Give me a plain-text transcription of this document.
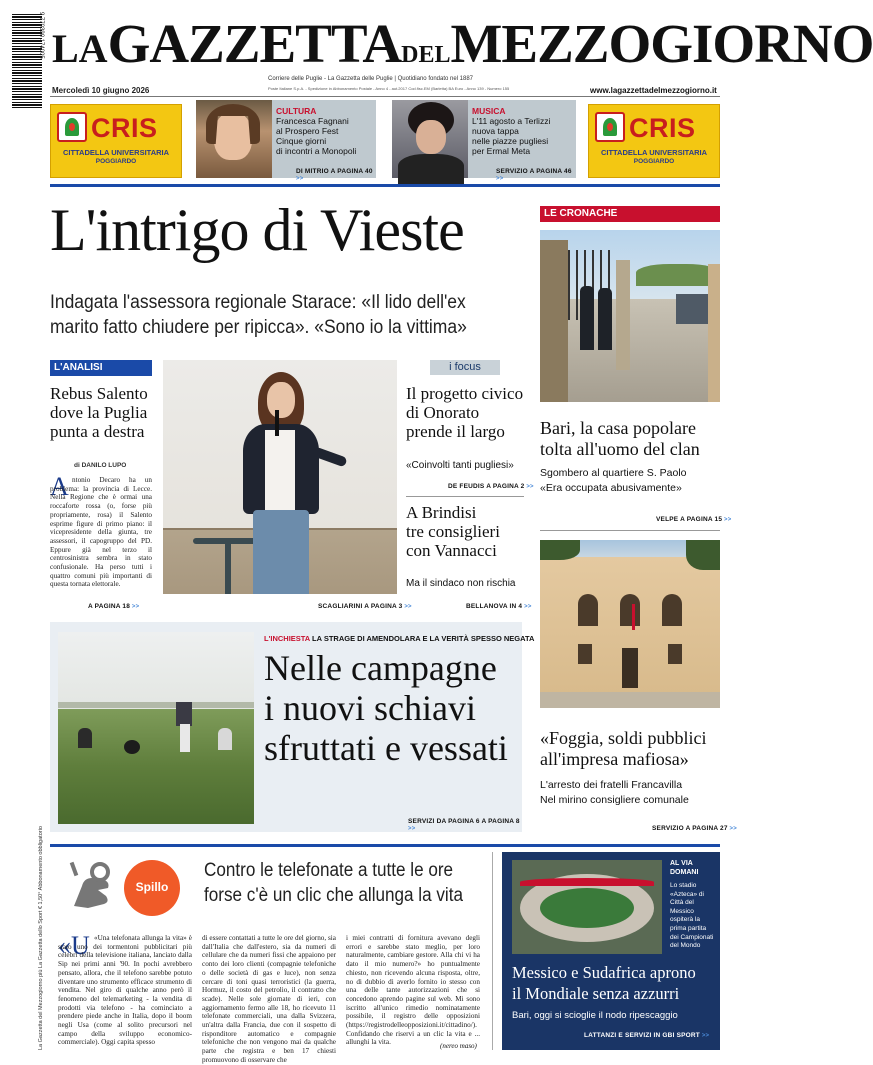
9 770390 174005 LAGAZZETTADELMEZZOGIORNO
Mercoledì 10 giugno 2026
Corriere delle Puglie - La Gazzetta delle Puglie | Quotidiano fondato nel 1887
Poste Italiane S.p.A. - Spedizione in Abbonamento Postale - Anno 4 - aut.2017 Cod.fisc.EM (Barletta) BA Euro - Anno 139 - Numero 155	www.lagazzettadelmezzogiorno.it
CRIS
CITTADELLA UNIVERSITARIA
POGGIARDO
CULTURA
Francesca Fagnani
al Prospero Fest
Cinque giorni
di incontri a Monopoli
DI MITRIO A PAGINA 40 >>
MUSICA
L'11 agosto a Terlizzi
nuova tappa
nelle piazze pugliesi
per Ermal Meta
SERVIZIO A PAGINA 46 >>
CRIS
CITTADELLA UNIVERSITARIA
POGGIARDO
L'intrigo di Vieste
Indagata l'assessora regionale Starace: «Il lido dell'ex
marito fatto chiudere per ripicca». «Sono io la vittima»
L'ANALISI
Rebus Salento
dove la Puglia
punta a destra
di DANILO LUPO
A ntonio Decaro ha un problema: la provincia di Lecce. Nella Regione che è ormai una roccaforte rossa (o, forse più propriamente, rosa) il Salento esprime figure di primo piano: il vicepresidente della giunta, tre assessori, il capogruppo del PD. Eppure già nel terzo il centrosinistra sembra in stato confusionale. Ha perso tutti i quattro comuni più importanti di questa tornata elettorale.
A PAGINA 18 >>	SCAGLIARINI A PAGINA 3 >>
i focus
Il progetto civico
di Onorato
prende il largo
«Coinvolti tanti pugliesi»
DE FEUDIS A PAGINA 2 >>
A Brindisi
tre consiglieri
con Vannacci
Ma il sindaco non rischia
BELLANOVA IN 4 >>
LE CRONACHE
Bari, la casa popolare
tolta all'uomo del clan
Sgombero al quartiere S. Paolo
«Era occupata abusivamente»
VELPE A PAGINA 15 >>
«Foggia, soldi pubblici
all'impresa mafiosa»
L'arresto dei fratelli Francavilla
Nel mirino consigliere comunale
SERVIZIO A PAGINA 27 >>
L'INCHIESTA LA STRAGE DI AMENDOLARA E LA VERITÀ SPESSO NEGATA
Nelle campagne
i nuovi schiavi
sfruttati e vessati
SERVIZI DA PAGINA 6 A PAGINA 8 >>
La Gazzetta del Mezzogiorno più La Gazzetta dello Sport € 1,50° Abbonamento obbligatorio	Spillo
Contro le telefonate a tutte le ore
forse c'è un clic che allunga la vita
«U «Una telefonata allunga la vita» è stato uno dei tormentoni pubblicitari più celebri della televisione italiana, lanciato dalla Sip nei primi anni '90. In pochi avrebbero pensato, allora, che il telefono sarebbe potuto diventare uno strumento efficace strumento di vendita. Nel giro di qualche anno però il fenomeno del telemarketing - la vendita di prodotti via telefono - ha cominciato a prendere piede anche in Italia, dopo il boom negli Usa (come al solito precursori nel campo della sviluppo economico-commerciale). Oggi capita spesso
di essere contattati a tutte le ore del giorno, sia dall'Italia che dall'estero, sia da numeri di cellulare che da numeri fissi che appaiono per conto dei loro clienti (compagnie telefoniche o delle società di gas e luce), non senza cercare di toni quasi terroristici (la guerra, Hormuz, il costo del petrolio, il contratto che scade). Nelle sole giornate di ieri, con aggiornamento fermo alle 18, ho ricevuto 11 telefonate commerciali, una dalla Svizzera, un'altra dalla Francia, due con il sospetto di risponditore automatico e compagnie telefoniche che non vengono mai da qualche parte che registra e ben 17 chiesti promuovono di osservare che
i miei contratti di fornitura avevano degli errori e sarebbe stato meglio, per loro naturalmente, cambiare gestore. Alla chi vi ha dato il mio numero?» ho puntualmente chiesto, non ricevendo alcuna risposta, oltre, no di dubbio di averlo fornito io stesso con una delle tante autorizzazioni che si concedono aprendo pagine sul web. Mi sono iscritto all'unico rimedio nominatamente possibile, il registro delle opposizioni (https://registrodelleopposizioni.it/cittadino/). Confidando che riservi a un clic la vita e ... allunghi la vita.	(nereo maso)
AL VIA
DOMANI
Lo stadio «Azteca» di Città del Messico ospiterà la prima partita dei Campionati del Mondo
Messico e Sudafrica aprono
il Mondiale senza azzurri
Bari, oggi si scioglie il nodo ripescaggio
LATTANZI E SERVIZI IN GBI SPORT >>
